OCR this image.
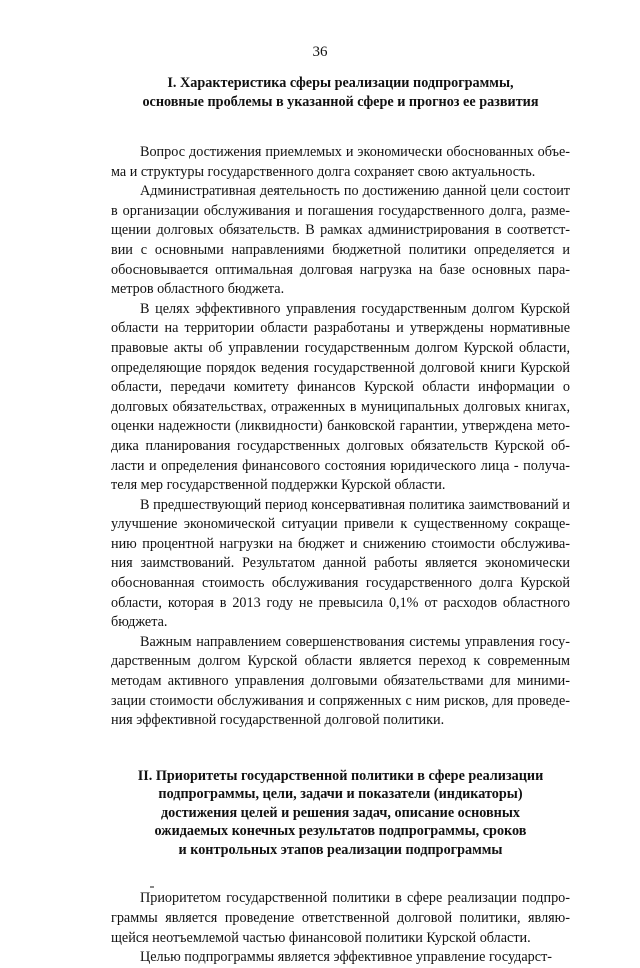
36
I. Характеристика сферы реализации подпрограммы,
основные проблемы в указанной сфере и прогноз ее развития
Вопрос достижения приемлемых и экономически обоснованных объе-
ма и структуры государственного долга сохраняет свою актуальность.
Административная деятельность по достижению данной цели состоит
в организации обслуживания и погашения государственного долга, разме-
щении долговых обязательств. В рамках администрирования в соответст-
вии с основными направлениями бюджетной политики определяется и
обосновывается оптимальная долговая нагрузка на базе основных пара-
метров областного бюджета.
В целях эффективного управления государственным долгом Курской
области на территории области разработаны и утверждены нормативные
правовые акты об управлении государственным долгом Курской области,
определяющие порядок ведения государственной долговой книги Курской
области, передачи комитету финансов Курской области информации о
долговых обязательствах, отраженных в муниципальных долговых книгах,
оценки надежности (ликвидности) банковской гарантии, утверждена мето-
дика планирования государственных долговых обязательств Курской об-
ласти и определения финансового состояния юридического лица - получа-
теля мер государственной поддержки Курской области.
В предшествующий период консервативная политика заимствований и
улучшение экономической ситуации привели к существенному сокраще-
нию процентной нагрузки на бюджет и снижению стоимости обслужива-
ния заимствований. Результатом данной работы является экономически
обоснованная стоимость обслуживания государственного долга Курской
области, которая в 2013 году не превысила 0,1% от расходов областного
бюджета.
Важным направлением совершенствования системы управления госу-
дарственным долгом Курской области является переход к современным
методам активного управления долговыми обязательствами для миними-
зации стоимости обслуживания и сопряженных с ним рисков, для проведе-
ния эффективной государственной долговой политики.
II. Приоритеты государственной политики в сфере реализации
подпрограммы, цели, задачи и показатели (индикаторы)
достижения целей и решения задач, описание основных
ожидаемых конечных результатов подпрограммы, сроков
и контрольных этапов реализации подпрограммы
Приоритетом государственной политики в сфере реализации подпро-
граммы является проведение ответственной долговой политики, являю-
щейся неотъемлемой частью финансовой политики Курской области.
Целью подпрограммы является эффективное управление государст-
